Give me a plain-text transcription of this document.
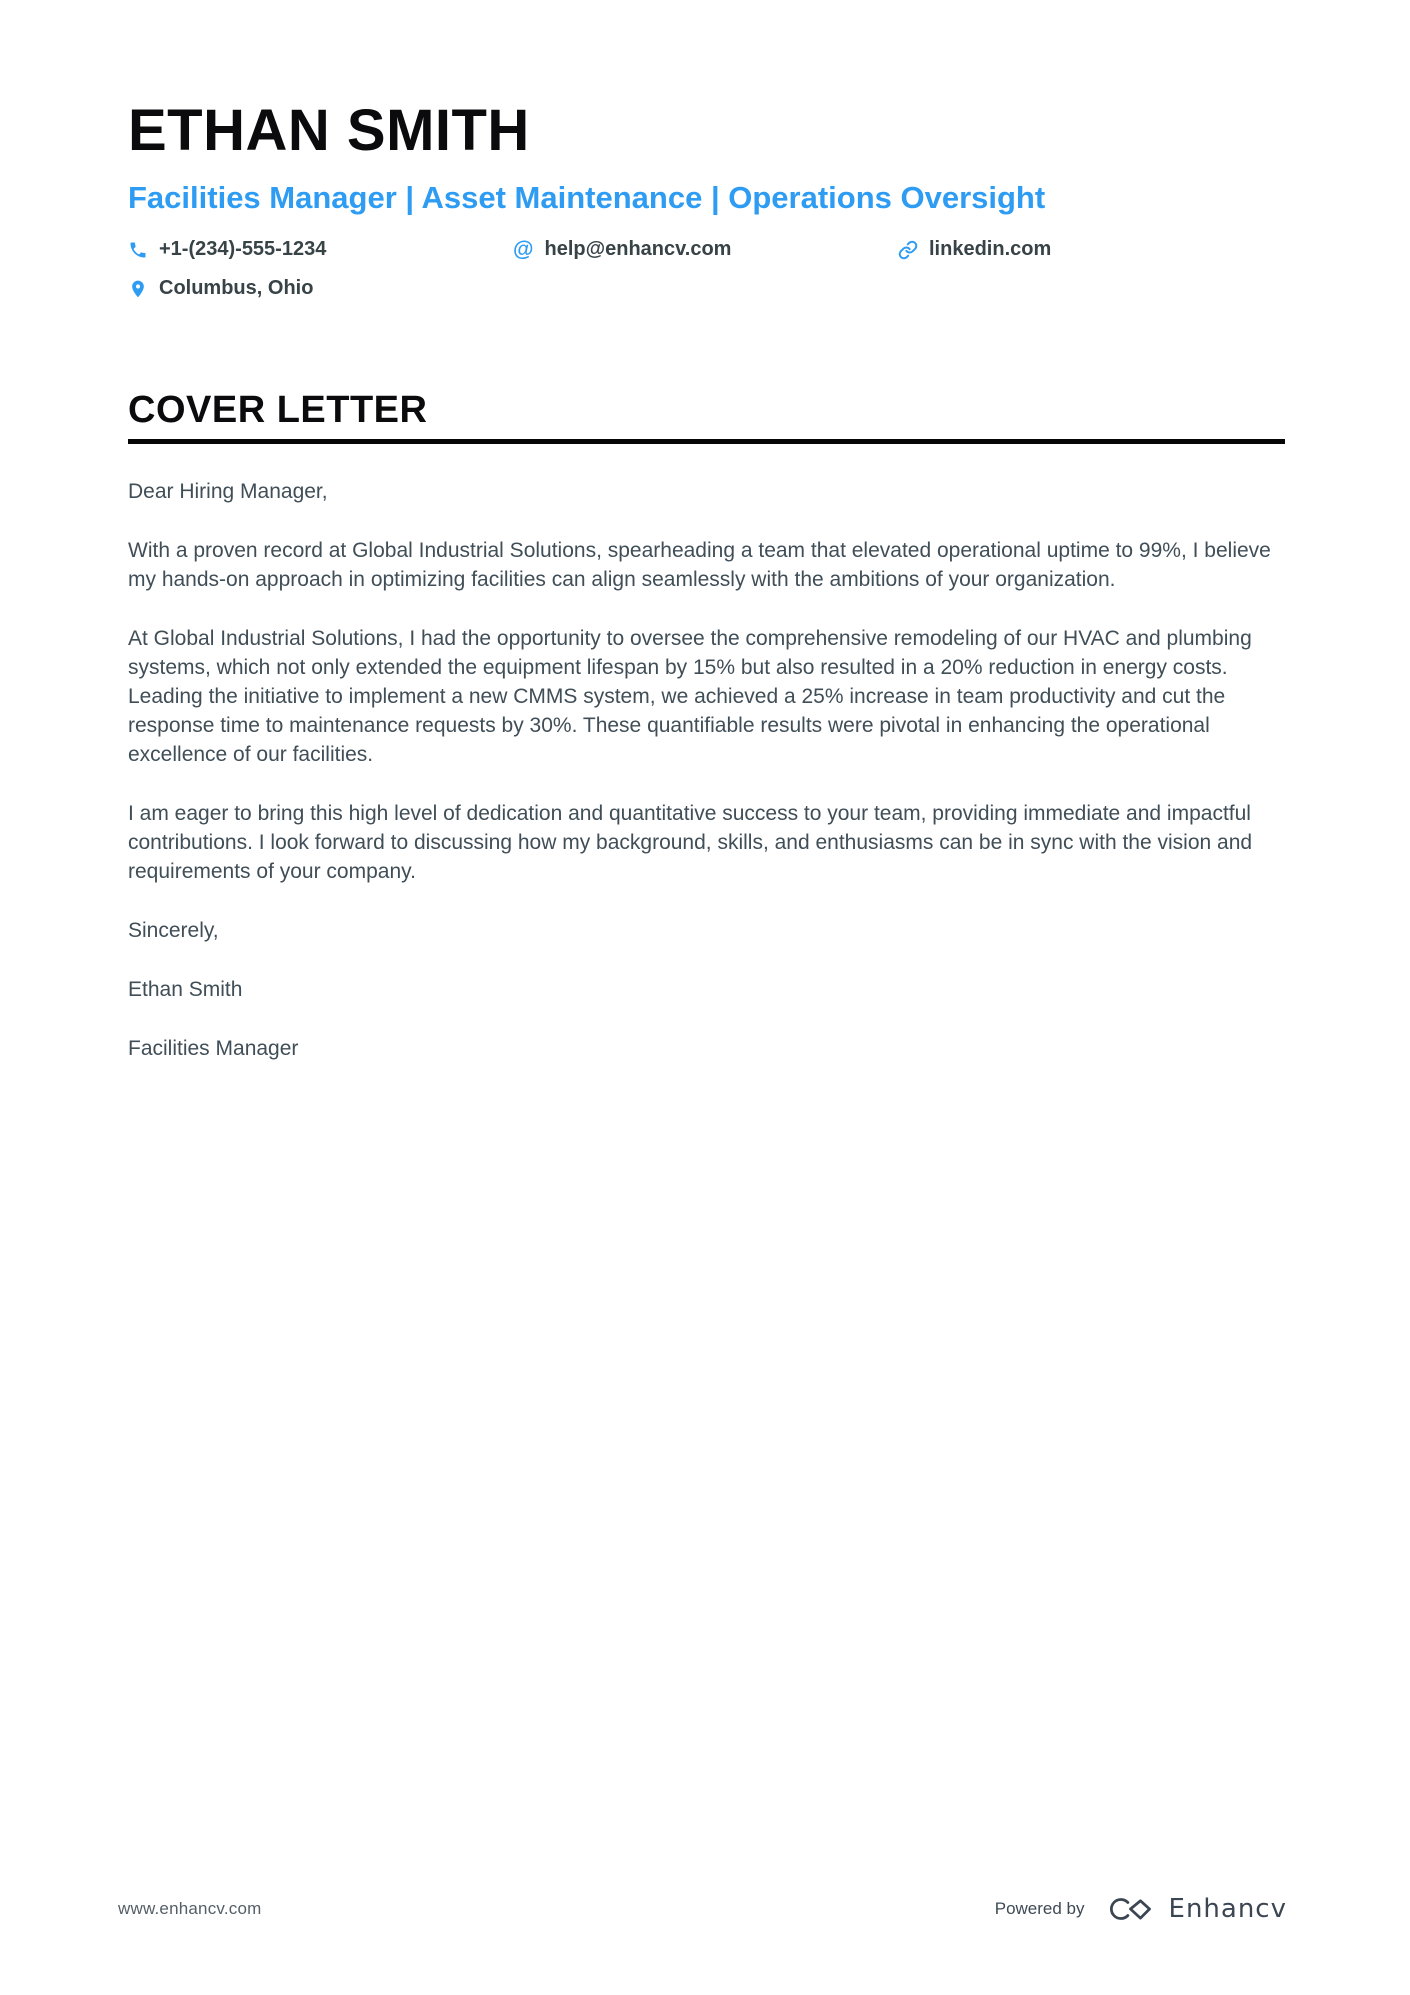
ETHAN SMITH
Facilities Manager | Asset Maintenance | Operations Oversight
+1-(234)-555-1234	@ help@enhancv.com	linkedin.com
Columbus, Ohio
COVER LETTER

Dear Hiring Manager,

With a proven record at Global Industrial Solutions, spearheading a team that elevated operational uptime to 99%, I believe my hands-on approach in optimizing facilities can align seamlessly with the ambitions of your organization.

At Global Industrial Solutions, I had the opportunity to oversee the comprehensive remodeling of our HVAC and plumbing systems, which not only extended the equipment lifespan by 15% but also resulted in a 20% reduction in energy costs. Leading the initiative to implement a new CMMS system, we achieved a 25% increase in team productivity and cut the response time to maintenance requests by 30%. These quantifiable results were pivotal in enhancing the operational excellence of our facilities.

I am eager to bring this high level of dedication and quantitative success to your team, providing immediate and impactful contributions. I look forward to discussing how my background, skills, and enthusiasms can be in sync with the vision and requirements of your company.

Sincerely,

Ethan Smith

Facilities Manager

www.enhancv.com	Powered by	Enhancv
